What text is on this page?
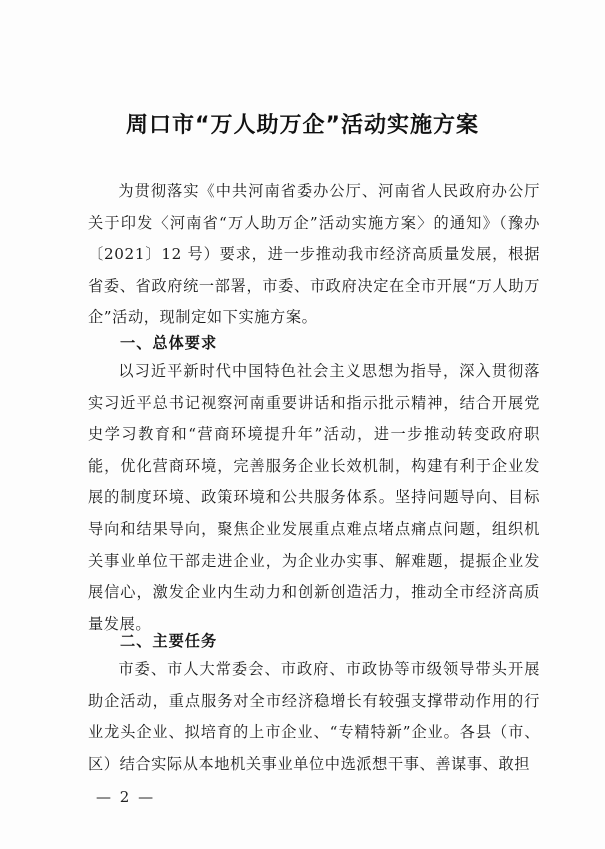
周口市“万人助万企”活动实施方案
为贯彻落实《中共河南省委办公厅、河南省人民政府办公厅关于印发〈河南省“万人助万企”活动实施方案〉的通知》（豫办〔2021〕12 号）要求，进一步推动我市经济高质量发展，根据省委、省政府统一部署，市委、市政府决定在全市开展“万人助万企”活动，现制定如下实施方案。
一、总体要求
以习近平新时代中国特色社会主义思想为指导，深入贯彻落实习近平总书记视察河南重要讲话和指示批示精神，结合开展党史学习教育和“营商环境提升年”活动，进一步推动转变政府职能，优化营商环境，完善服务企业长效机制，构建有利于企业发展的制度环境、政策环境和公共服务体系。坚持问题导向、目标导向和结果导向，聚焦企业发展重点难点堵点痛点问题，组织机关事业单位干部走进企业，为企业办实事、解难题，提振企业发展信心，激发企业内生动力和创新创造活力，推动全市经济高质量发展。
二、主要任务
市委、市人大常委会、市政府、市政协等市级领导带头开展助企活动，重点服务对全市经济稳增长有较强支撑带动作用的行业龙头企业、拟培育的上市企业、“专精特新”企业。各县（市、区）结合实际从本地机关事业单位中选派想干事、善谋事、敢担
— 2 —
